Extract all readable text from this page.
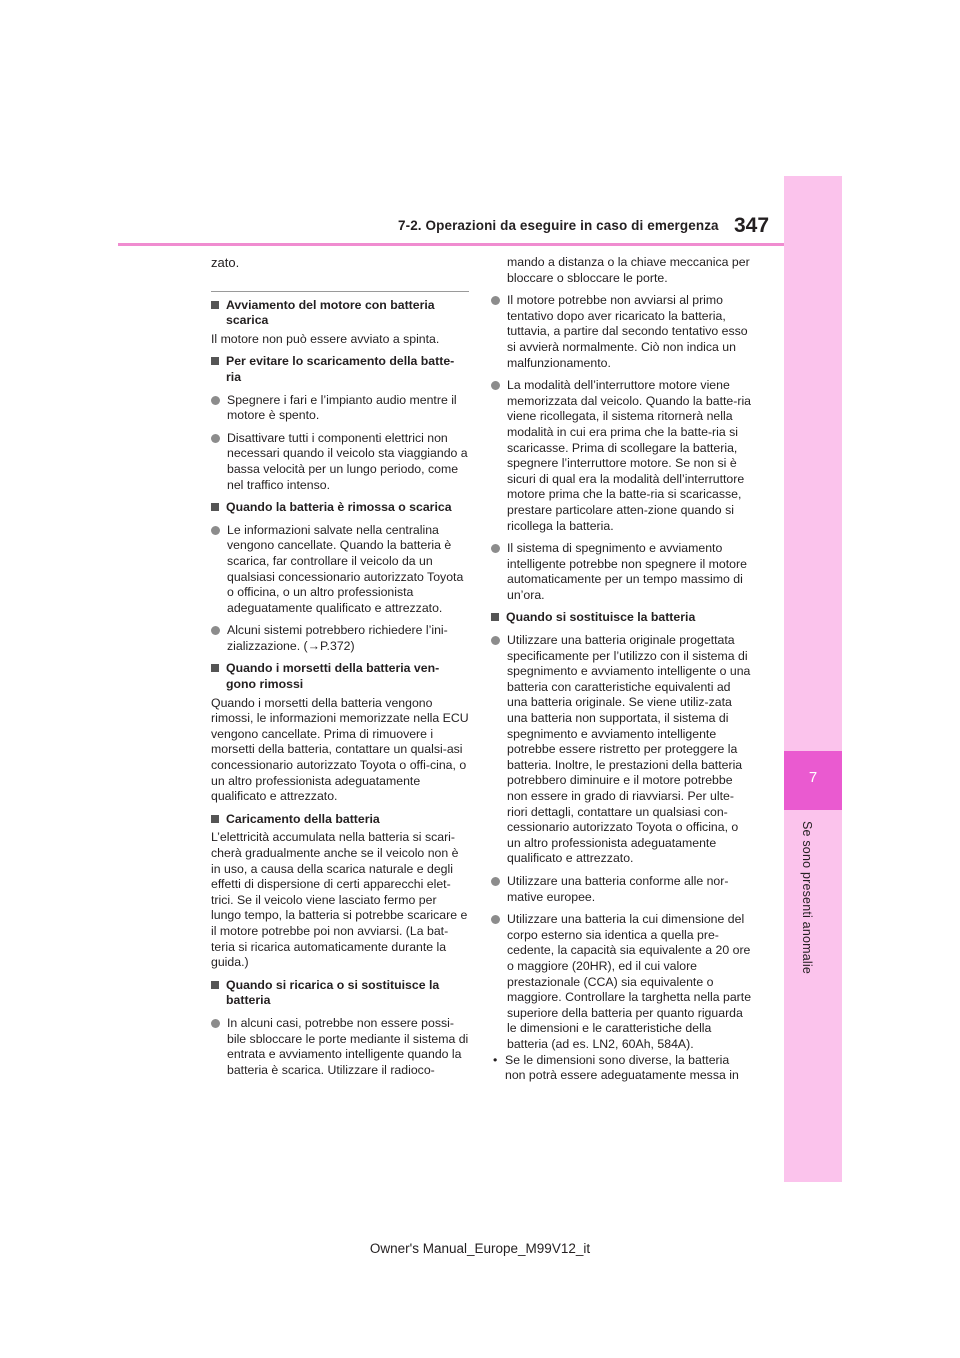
7-2. Operazioni da eseguire in caso di emergenza 347
7
Se sono presenti anomalie

zato.

Avviamento del motore con batteria scarica

Il motore non può essere avviato a spinta.

Per evitare lo scaricamento della batte-ria

Spegnere i fari e l’impianto audio mentre il motore è spento.

Disattivare tutti i componenti elettrici non necessari quando il veicolo sta viaggiando a bassa velocità per un lungo periodo, come nel traffico intenso.

Quando la batteria è rimossa o scarica

Le informazioni salvate nella centralina vengono cancellate. Quando la batteria è scarica, far controllare il veicolo da un qualsiasi concessionario autorizzato Toyota o officina, o un altro professionista adeguatamente qualificato e attrezzato.

Alcuni sistemi potrebbero richiedere l’ini-zializzazione. (→P.372)

Quando i morsetti della batteria ven-gono rimossi

Quando i morsetti della batteria vengono rimossi, le informazioni memorizzate nella ECU vengono cancellate. Prima di rimuovere i morsetti della batteria, contattare un qualsi-asi concessionario autorizzato Toyota o offi-cina, o un altro professionista adeguatamente qualificato e attrezzato.

Caricamento della batteria

L’elettricità accumulata nella batteria si scari-cherà gradualmente anche se il veicolo non è in uso, a causa della scarica naturale e degli effetti di dispersione di certi apparecchi elet-trici. Se il veicolo viene lasciato fermo per lungo tempo, la batteria si potrebbe scaricare e il motore potrebbe poi non avviarsi. (La bat-teria si ricarica automaticamente durante la guida.)

Quando si ricarica o si sostituisce la batteria

In alcuni casi, potrebbe non essere possi-bile sbloccare le porte mediante il sistema di entrata e avviamento intelligente quando la batteria è scarica. Utilizzare il radioco-

mando a distanza o la chiave meccanica per bloccare o sbloccare le porte.

Il motore potrebbe non avviarsi al primo tentativo dopo aver ricaricato la batteria, tuttavia, a partire dal secondo tentativo esso si avvierà normalmente. Ciò non indica un malfunzionamento.

La modalità dell’interruttore motore viene memorizzata dal veicolo. Quando la batte-ria viene ricollegata, il sistema ritornerà nella modalità in cui era prima che la batte-ria si scaricasse. Prima di scollegare la batteria, spegnere l’interruttore motore. Se non si è sicuri di qual era la modalità dell’interruttore motore prima che la batte-ria si scaricasse, prestare particolare atten-zione quando si ricollega la batteria.

Il sistema di spegnimento e avviamento intelligente potrebbe non spegnere il motore automaticamente per un tempo massimo di un’ora.

Quando si sostituisce la batteria

Utilizzare una batteria originale progettata specificamente per l’utilizzo con il sistema di spegnimento e avviamento intelligente o una batteria con caratteristiche equivalenti ad una batteria originale. Se viene utiliz-zata una batteria non supportata, il sistema di spegnimento e avviamento intelligente potrebbe essere ristretto per proteggere la batteria. Inoltre, le prestazioni della batteria potrebbero diminuire e il motore potrebbe non essere in grado di riavviarsi. Per ulte-riori dettagli, contattare un qualsiasi con-cessionario autorizzato Toyota o officina, o un altro professionista adeguatamente qualificato e attrezzato.

Utilizzare una batteria conforme alle nor-mative europee.

Utilizzare una batteria la cui dimensione del corpo esterno sia identica a quella pre-cedente, la capacità sia equivalente a 20 ore o maggiore (20HR), ed il cui valore prestazionale (CCA) sia equivalente o maggiore. Controllare la targhetta nella parte superiore della batteria per quanto riguarda le dimensioni e le caratteristiche della batteria (ad es. LN2, 60Ah, 584A).

• Se le dimensioni sono diverse, la batteria non potrà essere adeguatamente messa in

Owner's Manual_Europe_M99V12_it
